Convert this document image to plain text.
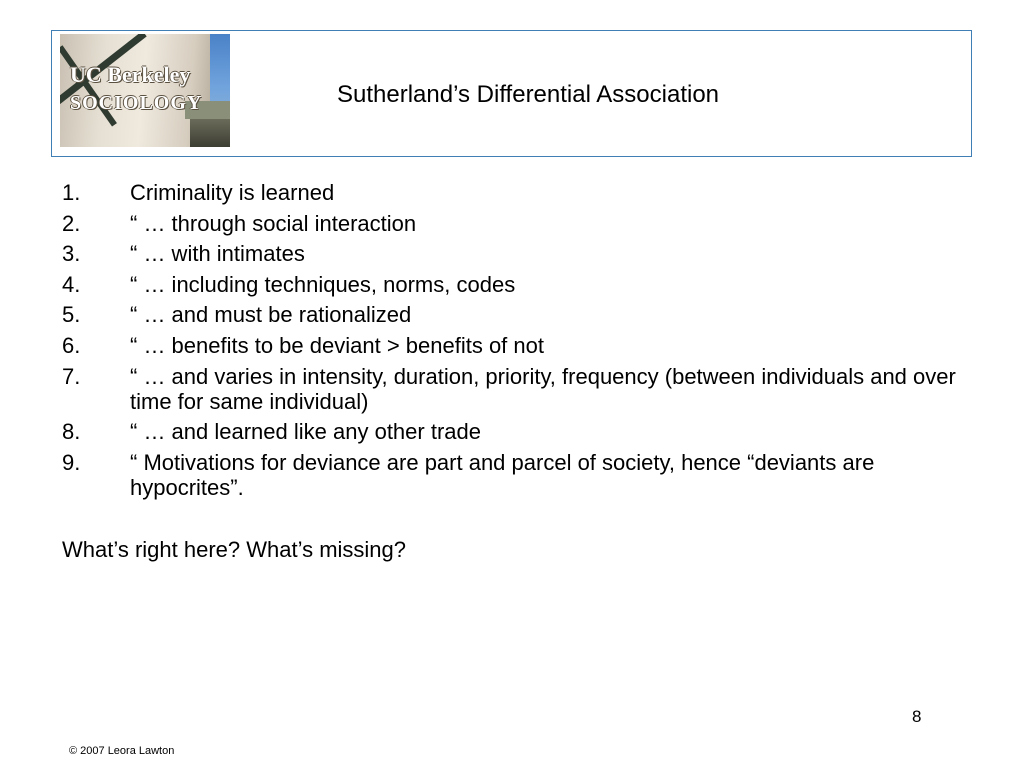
UC Berkeley
SOCIOLOGY	Sutherland’s Differential Association
1. Criminality is learned
2. “ … through social interaction
3. “ … with intimates
4. “ … including techniques, norms, codes
5. “ … and must be rationalized
6. “ … benefits to be deviant > benefits of not
7. “ … and varies in intensity, duration, priority, frequency (between individuals and over time for same individual)
8. “ … and learned like any other trade
9. “ Motivations for deviance are part and parcel of society, hence “deviants are hypocrites”.
What’s right here? What’s missing?
8
© 2007 Leora Lawton
